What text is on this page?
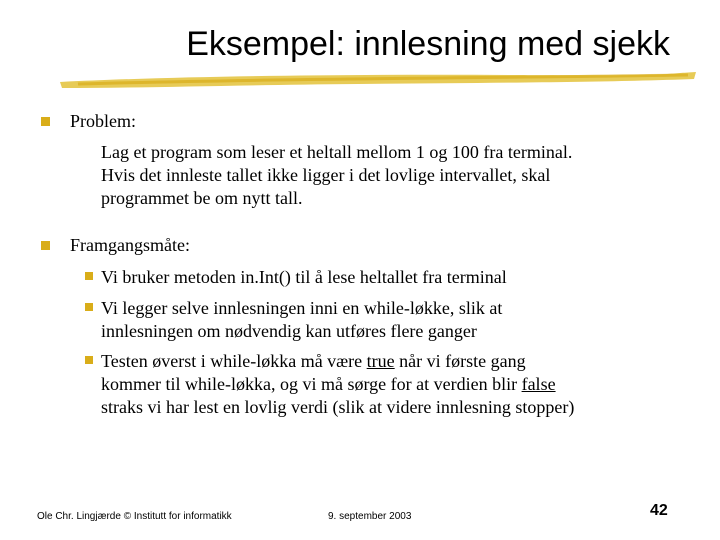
Eksempel: innlesning med sjekk
Problem:
Lag et program som leser et heltall mellom 1 og 100 fra terminal.
Hvis det innleste tallet ikke ligger i det lovlige intervallet, skal
programmet be om nytt tall.
Framgangsmåte:
Vi bruker metoden in.Int() til å lese heltallet fra terminal
Vi legger selve innlesningen inni en while-løkke, slik at
innlesningen om nødvendig kan utføres flere ganger
Testen øverst i while-løkka må være true når vi første gang
kommer til while-løkka, og vi må sørge for at verdien blir false
straks vi har lest en lovlig verdi (slik at videre innlesning stopper)
Ole Chr. Lingjærde © Institutt for informatikk	9. september 2003	42
